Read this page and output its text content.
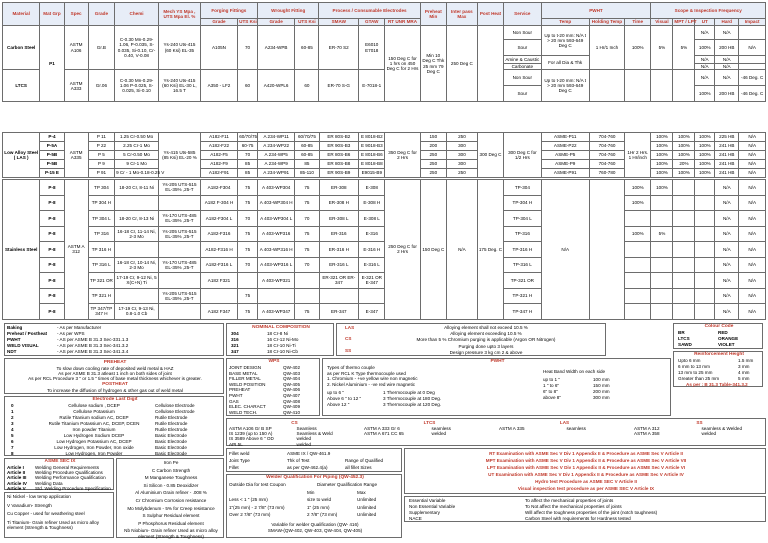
Material	Mat Grp	Spec	Grade	Chemi	Mech YS Mpa , UTS Mpa El. %	Forging Fittings		Wrought Fitting		Process / Consumable Electrodes			Preheat Min	Inter pass Max	Post Heat	Service	PWHT			Scope & Inspection Frequency				
						Grade	UTS Ksi	Grade	UTS Ksi	SMAW	GTAW	RT UNR MRA					Temp	Holding Temp	Time	Visual	MPT / LPT	UT	Hard	Impact
Carbon Steel	P1	ASTM A106	Gr.B	C-0.30 Mn-0.29-1.06, P-0.035, S-0.035, Si-0.10, Cr-0.40, V-0.08	Ys-240 Uts-415 (60 Ksi) EL-35	A105N	70	A234-WPB	60-85	ER-70 S2	E6010 E7018	150 Deg C for 1 hrs on 450 Deg C for 2 Hrs	Min 10 Deg C Thk 25 mm 79 Deg C	250 Deg C		Non Sour	Up to t-20 mm: N/A t > 20 mm 593-649 Deg C	1 Hr/1 Inch	100%	5%	5%	N/A	N/A	
																Sour						100%	200 HB	N/A
																Amine & Caustic	For all Dia & Thk					N/A	N/A	
																Carbonate						N/A	N/A	
LTCS		ASTM A333	Gr.06	C-0.30 Mn-0.29-1.06 P-0.025, S-0.025, Si-0.10	Ys-240 Uts-415 (60 Ksi) EL-30 L, 16.5 T	A350 - LF2	60	A420-WPL6	60	ER-70 S-G	E-7018-1					Non Sour	Up to t-20 mm: N/A t > 20 mm 593-649 Deg C					N/A	N/A	-46 Deg. C
																Sour						100%	200 HB	-46 Deg. C

Low Alloy Steel ( LAS )	P-4	ASTM A335	P 11	1.25 Cr-0.50 Mo	Ys-415 Uts-585 (85 Ksi) EL-20 %	A182-F11	60/70/75	A 234-WP11	60/70/75	ER 80S-B2	E 8018-B2	350 Deg C for 2 Hrs	150	250	300 Deg C	300 Deg C for 1/2 Hrs	ASME-P11	704-760	1Hr 2 Hrs. 1 Hr/inch	100%	100%	100%	225 HB	N/A
	P-5A		P 22	2.25 Cr-1 Mo		A182-F22	60-75	A 234-WP22	60-85	ER 90S-B3	E 9018-B3		200	300			ASME-P22	704-760		100%	100%	100%	241 HB	N/A
	P-5B		P 5	5 Cr-0.50 Mo		A182-F5	70	A 234-WP5	60-85	ER 80S-B6	E 8018-B6		250	300			ASME-P5	704-760		100%	100%	100%	241 HB	N/A
	P-5B		P 9	9 Cr-1 Mo		A182-F9	85	A 234-WP9	85	ER 80S-B8	E 8018-B8		250	300			ASME-P9	704-760		100%	20%	100%	241 HB	N/A
	P-15 E		P 91	9 Cr - 1 Mo-0.18-0.25 V		A182-F91	85	A 234-WP91	85-110	ER 90S-B9	E9015-B9		250	250			ASME-P91	760-780		100%	100%	100%	241 HB	N/A
Stainless Steel	P-8	ASTM A 312	TP 304	18-20 Cr, 8-11 Ni	Ys-205 UTS-515 EL-35% ,25-T	A182-F304	75	A 403-WP304	75	ER-308	E-308	250 Deg C for 2 Hrs	150 Deg C	N/A	175 Deg. C	TP-304	N/A		100%	100%			N/A	N/A
	P-8		TP 304 H			A182 F-304 H	75	A 403-WP304 H	75	ER-308 H	E-308 H					TP-304 H			100%				N/A	N/A
	P-8		TP 304 L	18-20 Cr, 8-13 Ni	Ys-170 UTS-485 EL-35% ,25-T	A182-F304 L	70	A 403-WP304 L	70	ER-308 L	E-308 L					TP-304 L							N/A	N/A
	P-8		TP 316	16-18 Cr, 11-14 Ni, 2-3 Mo	Ys-205 UTS-515 EL-35% ,25-T	A182-F316	75	A 403-WP316	75	ER-316	E-316					TP-316			100%	5%			N/A	N/A
	P-8		TP 316 H			A182-F316 H	75	A 403-WP316 H	75	ER-316 H	E-316 H					TP-316 H							N/A	N/A
	P-8		TP 316 L	16-18 Cr, 10-14 Ni, 2-3 Mo	Ys-170 UTS-485 EL-35% ,25-T	A182-F316 L	70	A 403-WP316 L	70	ER-316 L	E-316 L					TP-316 L							N/A	N/A
	P-8		TP 321 OR	17-19 Cr, 9-12 Ni, 5 X(C+N) Ti		A182 F321		A 403-WP321		ER-321 OR ER-347	E-321 OR E-347					TP-321 OR							N/A	N/A
	P-8		TP 321 H		Ys-205 UTS-515 EL-35% ,25-T		75									TP-321 H							N/A	N/A
	P-8		TP 347/TP 347 H	17-19 Cr, 9-13 Ni, 0.8-1.0 Cb		A182 F347	75	A 403-WP347	75	ER-347	E-347					TP-347 H							N/A	N/A
Baking	- As per Manufacturer
Preheat / Postheat - As per WPS
PWHT	- AS per ASME B 31.3 Sec-331.1.3
WELD VISUAL	- AS per ASME B 31.3 Sec-341.3.2
NDT	- AS per ASME B 31.3 Sec-341.3.4
NOMINAL COMPOSITION
304	18 Cr-8 Ni
316	16 Cr-12 Ni-Mo
321	18 Cr-10 Ni-Ti
347	18 Cr-10 Ni-Cb
LAS
CS
SS
Alloying element shall not exceed 10.5 %
Alloying element exceeding 10.5 %
More than 5 % Chromium purging is applicable (Argon OR Nitrogen)
Purging done upto 3 layers
Design pressure 3 kg cm 2 & above
Colour Code
BR	RED
LTCS	ORANGE
SAWD	VIOLET
Reinforcement Height
Upto 6 mm	1.5 mm
6 mm to 13 mm	3 mm
13 mm to 25 mm	4 mm
Greater than 25 mm	5 mm
As per : B 31.3 Table-341.3.2
PREHEAT
To slow down cooling rate of deposited weld metal & HAZ
As per ASME B 31.3 atleast 1 inch on both sides of joint
As per RCL Procedure 3 " or 1.5 " times of base metal thickness whichever is greater.
POSTHEAT
To increase the diffusion of hydrogen & other gas out of weld metal
Electrode Last Digit
0	Cellulose sodium , DCEP	Cellulose Electrode
1	Cellulose Potassium	Cellulose Electrode
2	Rutile Titanium sodium AC, DCEP	Rutile Electrode
3	Rutile Titanium Potassium AC, DCEP, DCEN	Rutile Electrode
4	Iron powder Titanium	Rutile Electrode
5	Low Hydrogen Sodium DCEP	Basic Electrode
6	Low Hydrogen Potassium AC, DCEP	Basic Electrode
7	Low Hydrogen, Iron Powder, Iron oxide	Basic Electrode
8	Low Hydrogen, Iron Powder	Basic Electrode
ASME SEC IX
Article I Welding General Requirements
Article II Welding Procedure Qualifications
Article III Welding Performance Qualification
Article IV Welding Data
Article V Std. Welding Procedure Specification
Iron Pe
C Carbon Strength
M Manganese Toughness
Si Silicon - 0.85 Deoxidizer
Al Aluminium Grain refiner - .008 %
Cr Chromium Corrosion resistance
Mo Molybdenum - 5% for Creep resistance
S Sulphur Residual element
P Phosphorus Residual element
Nb Niobium- Grain refiner Used as micro alloy element (Strength & Toughness)
Ni Nickel - low temp application
V Vanadium- Strength
Cu Copper - used for weathering steel
Ti Titanium- Grain refiner Used as micro alloy element (Strength & Toughness)
WPS
JOINT DESIGN	QW-402
BASE METAL	QW-403
FILLER METAL	QW-404
WELD POSITION	QW-405
PREHEAT	QW-406
PWHT	QW-407
GAS	QW-408
ELEC. CHARACT	QW-409
WELD TECH.	QW-410
PWHT
Types of thermo couple
as per RCL K Type thermocouple used
1. Chromium - +ve yellow wire non magnetic
2. Nickel Aluminium - -ve red wire magnetic
up to 6 "	1 Thermocouple at 0 Deg
Above 6 " to 12 "	3 Thermocouple at 180 Deg.
Above 12 "	3 Thermocouple at 120 Deg.
Heat Band Width on each side
up to 1 "	100 mm
1 " to 6"	150 mm
6" to 8"	200 mm
above 8"	300 mm
CS	LTCS	LAS	SS
ASTM A106 Gr B SP	Seamless	ASTM A 333 Gr 6	seamless	ASTM A 335	seamless	ASTM A 312	seamless & Welded
IS 1239 (up to 150 A)	Seamless & Weld	ASTM A 671 CC 65	welded	ASTM A 358	welded
IS 3589 Above 6 " OD	welded
API 5L	welded
Fillet weld	ASME IX / QW-461.9
Joint Type	Thk of Test	Range of Qualified
Fillet	as per QW-462.4(a)	all fillet Sizes
RT Examination with ASME Sec V Div 1 Appendix II & Procedure as ASME Sec V Article II
MPT Examination with ASME Sec V Div 1 Appendix II & Procedure as ASME Sec V Article VII
LPT Examination with ASME Sec V Div 1 Appendix II & Procedure as ASME Sec V Article VI
UT Examination with ASME Sec V Div 1 Appendix II & Procedure as ASME Sec V Article IV
Hydro test Procedure as ASME SEC V Article II
Visual inspection test procedure as per ASME SEC V Article IX
Welder Qualification For Piping (QW-452.3)
Outside Dia for test Coupon	Diameter Qualification Range
Min	Max
Less < 1 " (25 mm)	size to weld	Unlimited
1"(25 mm) - 2 7/8" (73 mm)	1" (25 mm)	Unlimited
Over 2 7/8" (73 mm)	2 7/8" (73 mm)	Unlimited
Variable for welder Qualification (QW- 416)
SMAW-(QW-402, QW-403, QW-404, QW-405)
Essential Variable	To affect the mechanical properties of joints
Non Essential Variable	To Not affect the mechanical properties of joints
Supplementary	Will affect the toughness properties of the joint (notch toughness)
NACE	Carbon Steel with requirements for Hardness tested
